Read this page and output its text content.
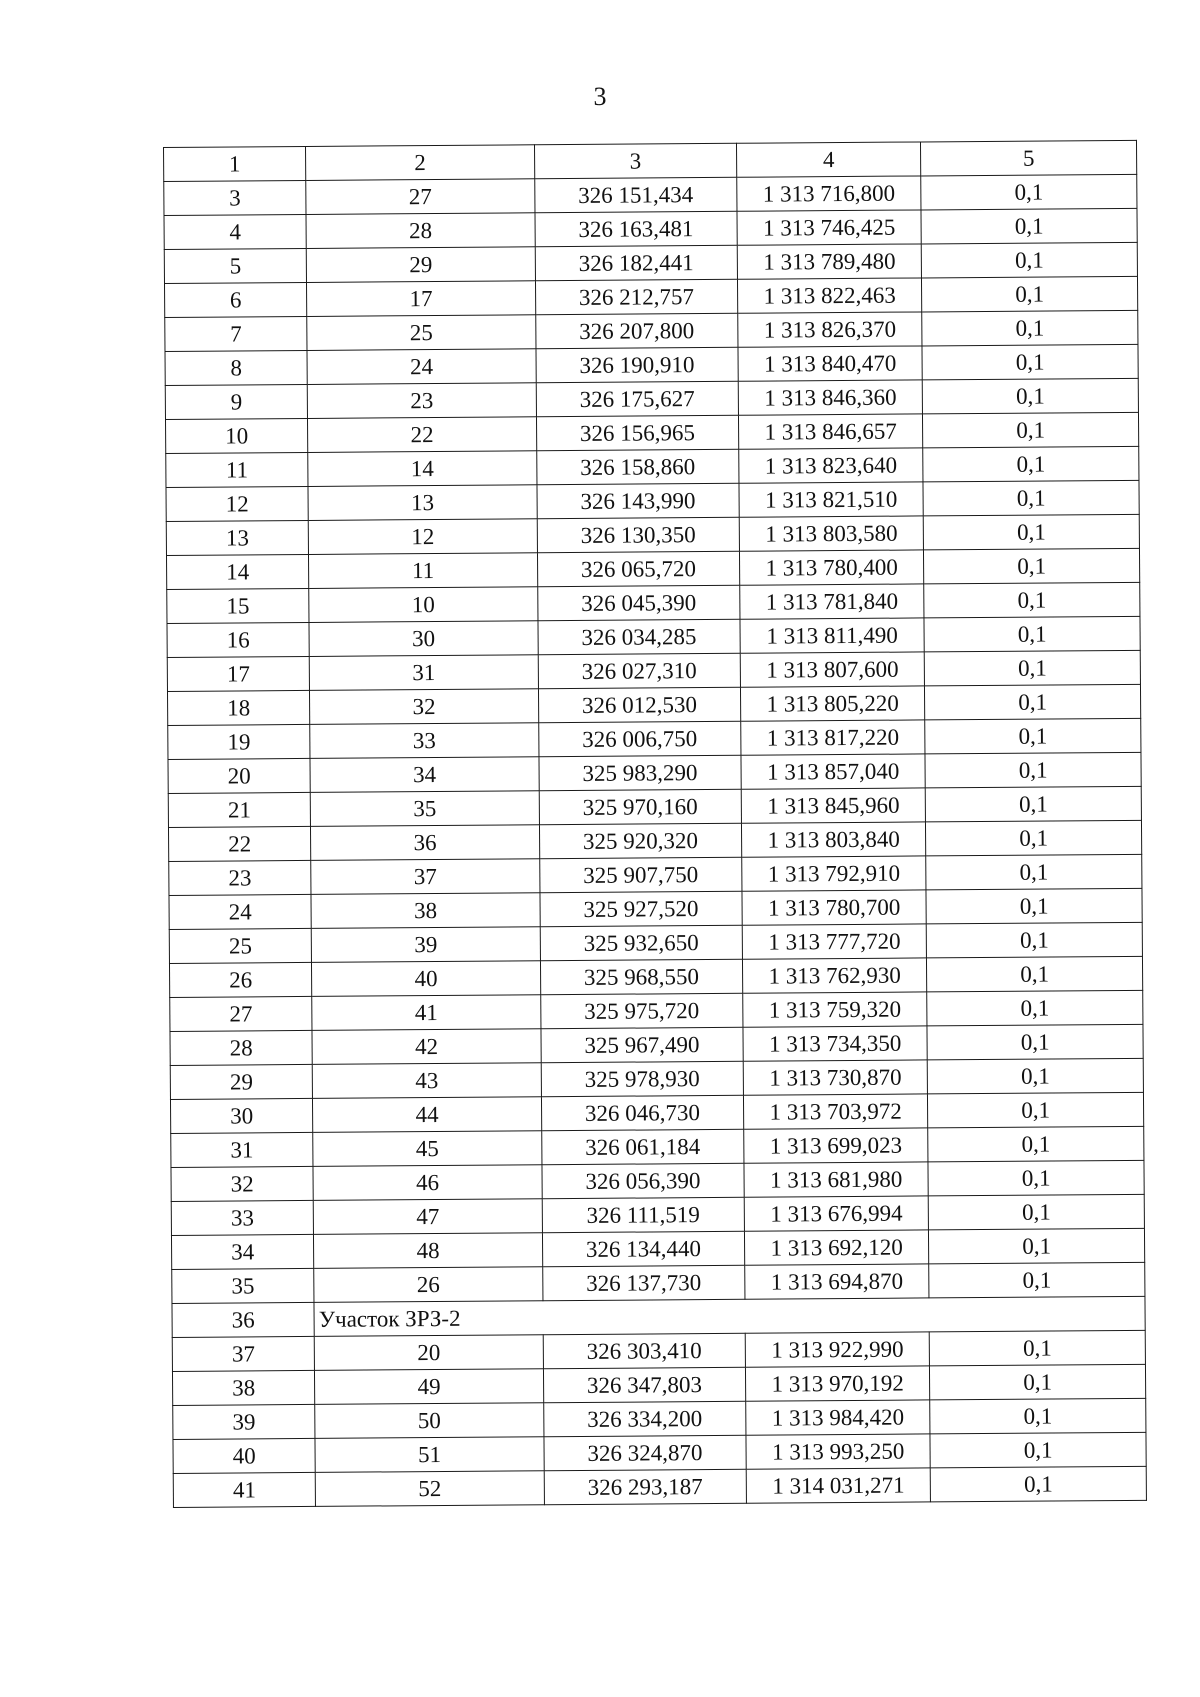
3
1	2	3	4	5
3	27	326 151,434	1 313 716,800	0,1
4	28	326 163,481	1 313 746,425	0,1
5	29	326 182,441	1 313 789,480	0,1
6	17	326 212,757	1 313 822,463	0,1
7	25	326 207,800	1 313 826,370	0,1
8	24	326 190,910	1 313 840,470	0,1
9	23	326 175,627	1 313 846,360	0,1
10	22	326 156,965	1 313 846,657	0,1
11	14	326 158,860	1 313 823,640	0,1
12	13	326 143,990	1 313 821,510	0,1
13	12	326 130,350	1 313 803,580	0,1
14	11	326 065,720	1 313 780,400	0,1
15	10	326 045,390	1 313 781,840	0,1
16	30	326 034,285	1 313 811,490	0,1
17	31	326 027,310	1 313 807,600	0,1
18	32	326 012,530	1 313 805,220	0,1
19	33	326 006,750	1 313 817,220	0,1
20	34	325 983,290	1 313 857,040	0,1
21	35	325 970,160	1 313 845,960	0,1
22	36	325 920,320	1 313 803,840	0,1
23	37	325 907,750	1 313 792,910	0,1
24	38	325 927,520	1 313 780,700	0,1
25	39	325 932,650	1 313 777,720	0,1
26	40	325 968,550	1 313 762,930	0,1
27	41	325 975,720	1 313 759,320	0,1
28	42	325 967,490	1 313 734,350	0,1
29	43	325 978,930	1 313 730,870	0,1
30	44	326 046,730	1 313 703,972	0,1
31	45	326 061,184	1 313 699,023	0,1
32	46	326 056,390	1 313 681,980	0,1
33	47	326 111,519	1 313 676,994	0,1
34	48	326 134,440	1 313 692,120	0,1
35	26	326 137,730	1 313 694,870	0,1
36	Участок ЗРЗ-2			
37	20	326 303,410	1 313 922,990	0,1
38	49	326 347,803	1 313 970,192	0,1
39	50	326 334,200	1 313 984,420	0,1
40	51	326 324,870	1 313 993,250	0,1
41	52	326 293,187	1 314 031,271	0,1
